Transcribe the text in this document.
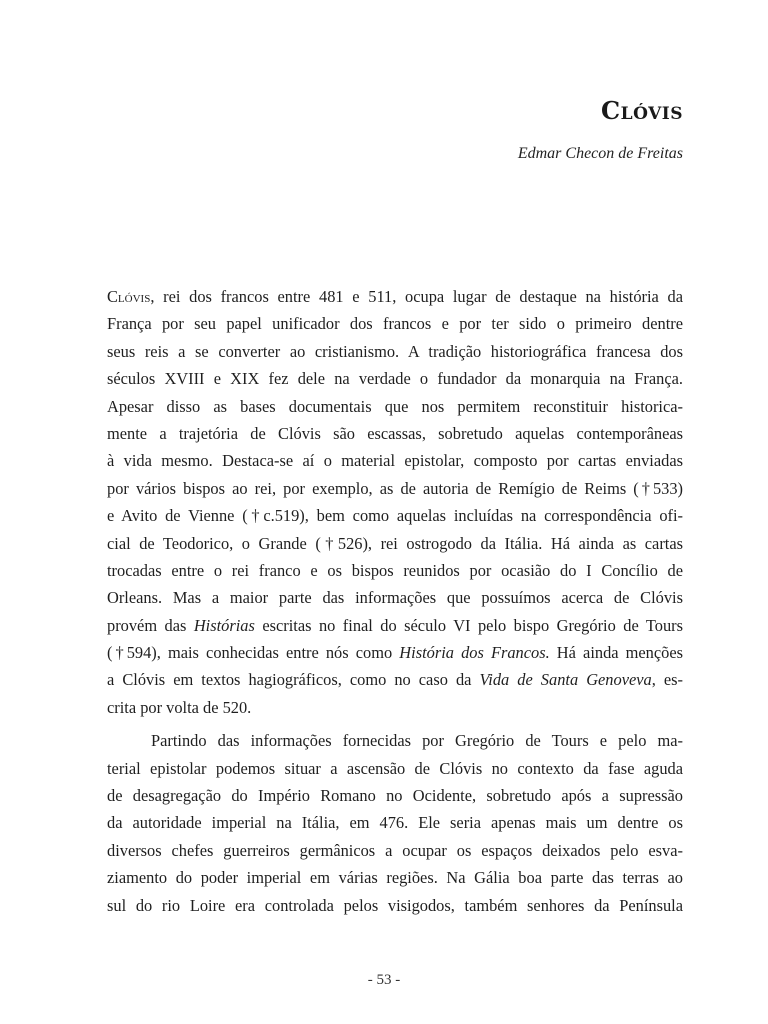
Clóvis

Edmar Checon de Freitas

Clóvis, rei dos francos entre 481 e 511, ocupa lugar de destaque na história da
França por seu papel unificador dos francos e por ter sido o primeiro dentre
seus reis a se converter ao cristianismo. A tradição historiográfica francesa dos
séculos XVIII e XIX fez dele na verdade o fundador da monarquia na França.
Apesar disso as bases documentais que nos permitem reconstituir historica-
mente a trajetória de Clóvis são escassas, sobretudo aquelas contemporâneas
à vida mesmo. Destaca-se aí o material epistolar, composto por cartas enviadas
por vários bispos ao rei, por exemplo, as de autoria de Remígio de Reims (†533)
e Avito de Vienne (†c.519), bem como aquelas incluídas na correspondência ofi-
cial de Teodorico, o Grande (†526), rei ostrogodo da Itália. Há ainda as cartas
trocadas entre o rei franco e os bispos reunidos por ocasião do I Concílio de
Orleans. Mas a maior parte das informações que possuímos acerca de Clóvis
provém das Histórias escritas no final do século VI pelo bispo Gregório de Tours
(†594), mais conhecidas entre nós como História dos Francos. Há ainda menções
a Clóvis em textos hagiográficos, como no caso da Vida de Santa Genoveva, es-
crita por volta de 520.
Partindo das informações fornecidas por Gregório de Tours e pelo ma-
terial epistolar podemos situar a ascensão de Clóvis no contexto da fase aguda
de desagregação do Império Romano no Ocidente, sobretudo após a supressão
da autoridade imperial na Itália, em 476. Ele seria apenas mais um dentre os
diversos chefes guerreiros germânicos a ocupar os espaços deixados pelo esva-
ziamento do poder imperial em várias regiões. Na Gália boa parte das terras ao
sul do rio Loire era controlada pelos visigodos, também senhores da Península
- 53 -
